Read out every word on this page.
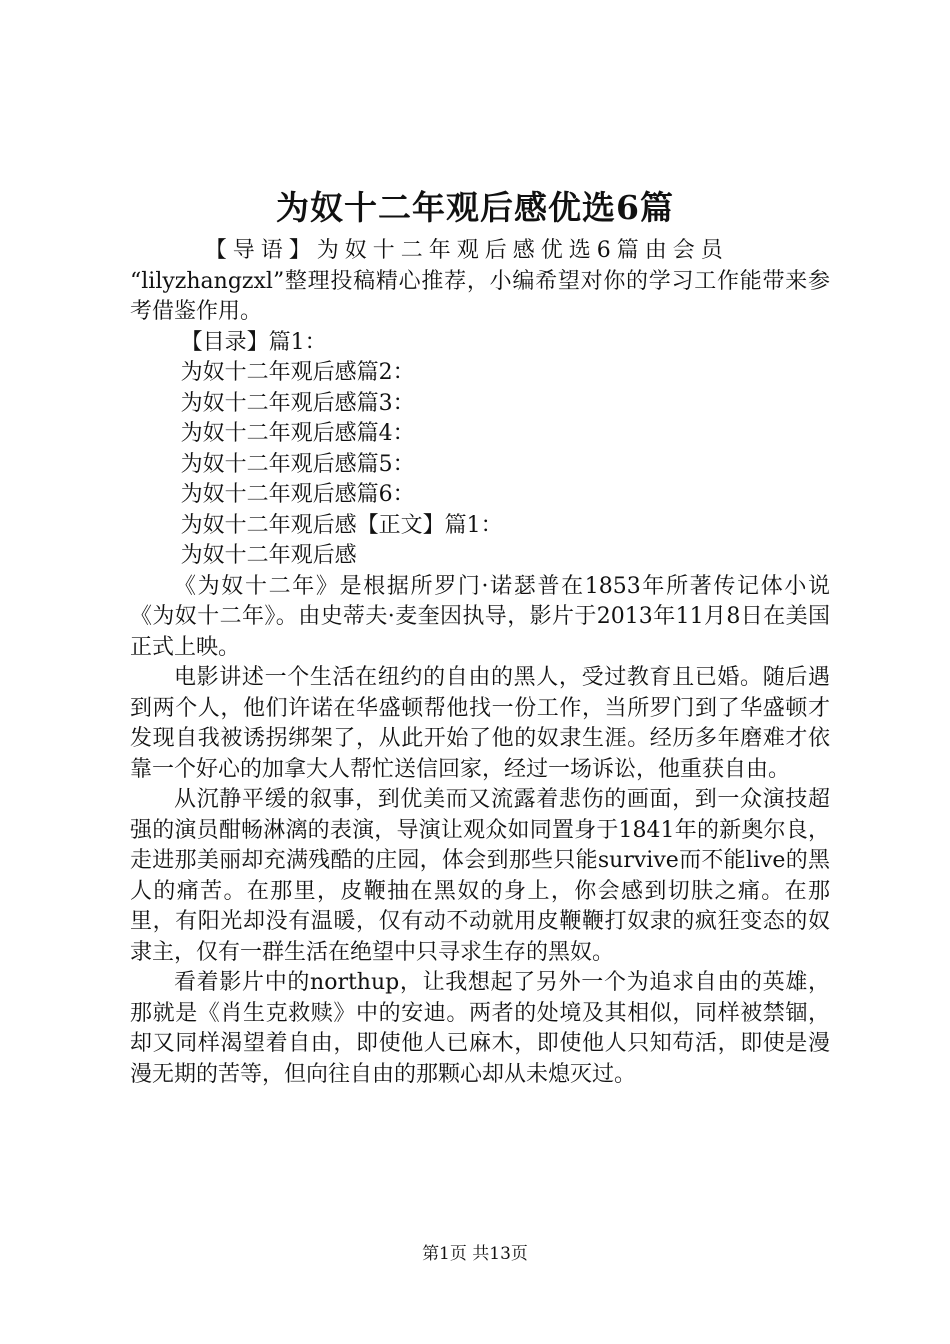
为奴十二年观后感优选6篇

【导语】为奴十二年观后感优选6篇由会员

“lilyzhangzxl”整理投稿精心推荐，小编希望对你的学习工作能带来参考借鉴作用。

【目录】篇1：

为奴十二年观后感篇2：

为奴十二年观后感篇3：

为奴十二年观后感篇4：

为奴十二年观后感篇5：

为奴十二年观后感篇6：

为奴十二年观后感【正文】篇1：

为奴十二年观后感

《为奴十二年》是根据所罗门·诺瑟普在1853年所著传记体小说《为奴十二年》。由史蒂夫·麦奎因执导，影片于2013年11月8日在美国正式上映。

电影讲述一个生活在纽约的自由的黑人，受过教育且已婚。随后遇到两个人，他们许诺在华盛顿帮他找一份工作，当所罗门到了华盛顿才发现自我被诱拐绑架了，从此开始了他的奴隶生涯。经历多年磨难才依靠一个好心的加拿大人帮忙送信回家，经过一场诉讼，他重获自由。

从沉静平缓的叙事，到优美而又流露着悲伤的画面，到一众演技超强的演员酣畅淋漓的表演，导演让观众如同置身于1841年的新奥尔良，走进那美丽却充满残酷的庄园，体会到那些只能survive而不能live的黑人的痛苦。在那里，皮鞭抽在黑奴的身上，你会感到切肤之痛。在那里，有阳光却没有温暖，仅有动不动就用皮鞭鞭打奴隶的疯狂变态的奴隶主，仅有一群生活在绝望中只寻求生存的黑奴。

看着影片中的northup，让我想起了另外一个为追求自由的英雄，那就是《肖生克救赎》中的安迪。两者的处境及其相似，同样被禁锢，却又同样渴望着自由，即使他人已麻木，即使他人只知苟活，即使是漫漫无期的苦等，但向往自由的那颗心却从未熄灭过。

第1页 共13页
